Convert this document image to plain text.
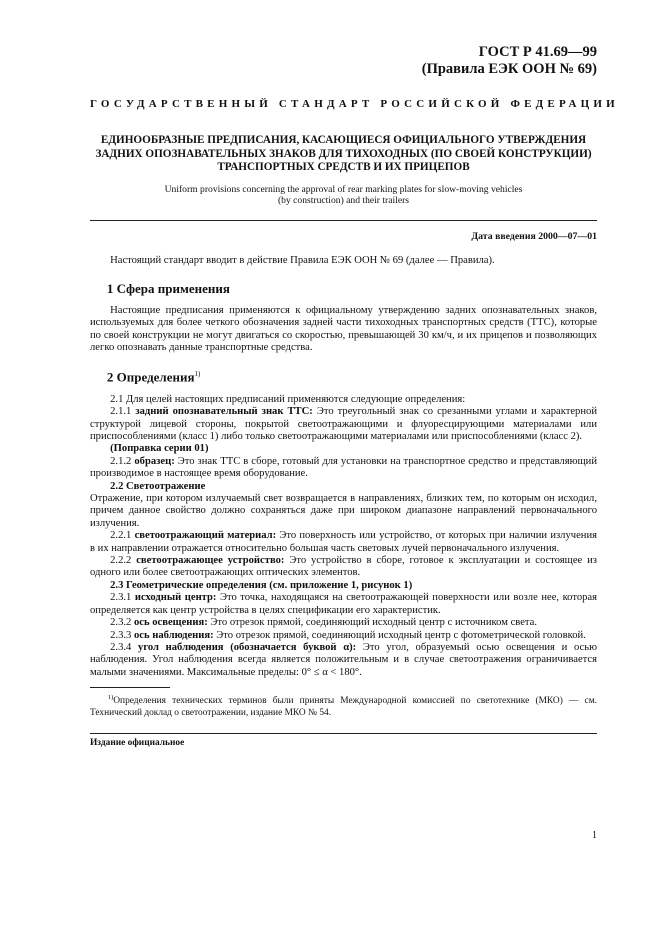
ГОСТ Р 41.69—99
(Правила ЕЭК ООН № 69)
ГОСУДАРСТВЕННЫЙ СТАНДАРТ РОССИЙСКОЙ ФЕДЕРАЦИИ
ЕДИНООБРАЗНЫЕ ПРЕДПИСАНИЯ, КАСАЮЩИЕСЯ ОФИЦИАЛЬНОГО УТВЕРЖДЕНИЯ
ЗАДНИХ ОПОЗНАВАТЕЛЬНЫХ ЗНАКОВ ДЛЯ ТИХОХОДНЫХ (ПО СВОЕЙ КОНСТРУКЦИИ)
ТРАНСПОРТНЫХ СРЕДСТВ И ИХ ПРИЦЕПОВ
Uniform provisions concerning the approval of rear marking plates for slow-moving vehicles
(by construction) and their trailers
Дата введения 2000—07—01

Настоящий стандарт вводит в действие Правила ЕЭК ООН № 69 (далее — Правила).

1 Сфера применения

Настоящие предписания применяются к официальному утверждению задних опознавательных знаков, используемых для более четкого обозначения задней части тихоходных транспортных средств (ТТС), которые по своей конструкции не могут двигаться со скоростью, превышающей 30 км/ч, и их прицепов и позволяющих легко опознавать данные транспортные средства.

2 Определения$^{1)}$

2.1 Для целей настоящих предписаний применяются следующие определения:

2.1.1 задний опознавательный знак ТТС: Это треугольный знак со срезанными углами и характерной структурой лицевой стороны, покрытой светоотражающими и флуоресцирующими материалами или приспособлениями (класс 1) либо только светоотражающими материалами или приспособлениями (класс 2).

(Поправка серии 01)

2.1.2 образец: Это знак ТТС в сборе, готовый для установки на транспортное средство и представляющий производимое в настоящее время оборудование.

2.2 Светоотражение

Отражение, при котором излучаемый свет возвращается в направлениях, близких тем, по которым он исходил, причем данное свойство должно сохраняться даже при широком диапазоне направлений первоначального излучения.

2.2.1 светоотражающий материал: Это поверхность или устройство, от которых при наличии излучения в их направлении отражается относительно большая часть световых лучей первоначального излучения.

2.2.2 светоотражающее устройство: Это устройство в сборе, готовое к эксплуатации и состоящее из одного или более светоотражающих оптических элементов.

2.3 Геометрические определения (см. приложение 1, рисунок 1)

2.3.1 исходный центр: Это точка, находящаяся на светоотражающей поверхности или возле нее, которая определяется как центр устройства в целях спецификации его характеристик.

2.3.2 ось освещения: Это отрезок прямой, соединяющий исходный центр с источником света.

2.3.3 ось наблюдения: Это отрезок прямой, соединяющий исходный центр с фотометрической головкой.

2.3.4 угол наблюдения (обозначается буквой α): Это угол, образуемый осью освещения и осью наблюдения. Угол наблюдения всегда является положительным и в случае светоотражения ограничивается малыми значениями. Максимальные пределы: 0° ≤ α < 180°.

$^{1)}$Определения технических терминов были приняты Международной комиссией по светотехнике (МКО) — см. Технический доклад о светоотражении, издание МКО № 54.

Издание официальное
1
